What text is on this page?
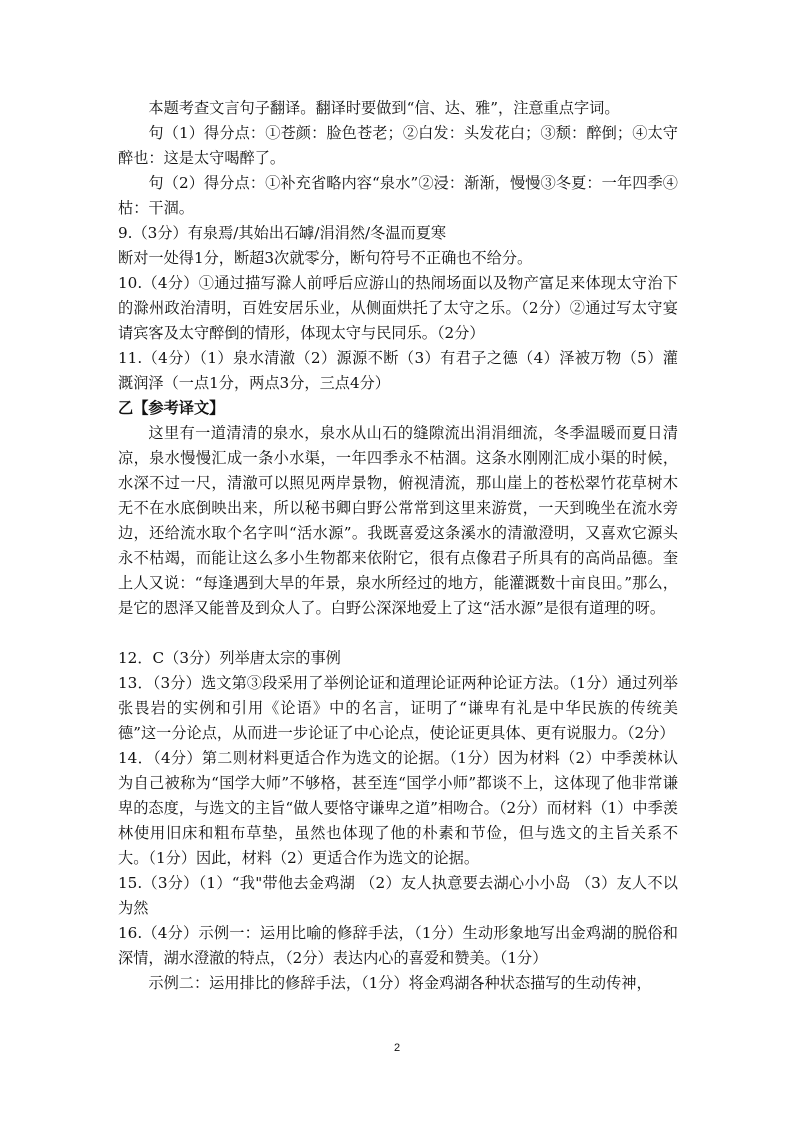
本题考查文言句子翻译。翻译时要做到“信、达、雅”，注意重点字词。

句（1）得分点：①苍颜：脸色苍老；②白发：头发花白；③颓：醉倒；④太守醉也：这是太守喝醉了。

句（2）得分点：①补充省略内容“泉水”②浸：渐渐，慢慢③冬夏：一年四季④枯：干涸。

9.（3分）有泉焉/其始出石罅/涓涓然/冬温而夏寒

断对一处得1分，断超3次就零分，断句符号不正确也不给分。

10.（4分）①通过描写滁人前呼后应游山的热闹场面以及物产富足来体现太守治下的滁州政治清明，百姓安居乐业，从侧面烘托了太守之乐。（2分）②通过写太守宴请宾客及太守醉倒的情形，体现太守与民同乐。（2分）

11.（4分）（1）泉水清澈（2）源源不断（3）有君子之德（4）泽被万物（5）灌溉润泽（一点1分，两点3分，三点4分）

乙【参考译文】

这里有一道清清的泉水，泉水从山石的缝隙流出涓涓细流，冬季温暖而夏日清凉，泉水慢慢汇成一条小水渠，一年四季永不枯涸。这条水刚刚汇成小渠的时候，水深不过一尺，清澈可以照见两岸景物，俯视清流，那山崖上的苍松翠竹花草树木无不在水底倒映出来，所以秘书卿白野公常常到这里来游赏，一天到晚坐在流水旁边，还给流水取个名字叫“活水源”。我既喜爱这条溪水的清澈澄明，又喜欢它源头永不枯竭，而能让这么多小生物都来依附它，很有点像君子所具有的高尚品德。奎上人又说：“每逢遇到大旱的年景，泉水所经过的地方，能灌溉数十亩良田。”那么，是它的恩泽又能普及到众人了。白野公深深地爱上了这“活水源”是很有道理的呀。

12．C（3分）列举唐太宗的事例

13．（3分）选文第③段采用了举例论证和道理论证两种论证方法。（1分）通过列举张畏岩的实例和引用《论语》中的名言，证明了“谦卑有礼是中华民族的传统美德”这一分论点，从而进一步论证了中心论点，使论证更具体、更有说服力。（2分）

14．（4分）第二则材料更适合作为选文的论据。（1分）因为材料（2）中季羡林认为自己被称为“国学大师”不够格，甚至连“国学小师”都谈不上，这体现了他非常谦卑的态度，与选文的主旨“做人要恪守谦卑之道”相吻合。（2分）而材料（1）中季羡林使用旧床和粗布草垫，虽然也体现了他的朴素和节俭，但与选文的主旨关系不大。（1分）因此，材料（2）更适合作为选文的论据。

15.（3分）（1）“我"带他去金鸡湖 （2）友人执意要去湖心小小岛 （3）友人不以为然

16.（4分）示例一：运用比喻的修辞手法，（1分）生动形象地写出金鸡湖的脱俗和深情，湖水澄澈的特点，（2分）表达内心的喜爱和赞美。（1分）

示例二：运用排比的修辞手法，（1分）将金鸡湖各种状态描写的生动传神，

2
